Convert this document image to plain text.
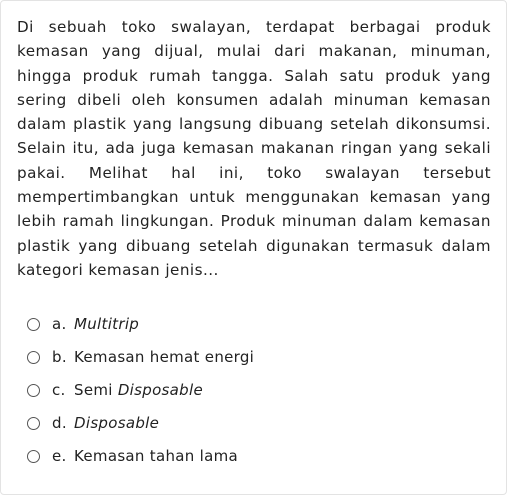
Di sebuah toko swalayan, terdapat berbagai produk kemasan yang dijual, mulai dari makanan, minuman, hingga produk rumah tangga. Salah satu produk yang sering dibeli oleh konsumen adalah minuman kemasan dalam plastik yang langsung dibuang setelah dikonsumsi. Selain itu, ada juga kemasan makanan ringan yang sekali pakai. Melihat hal ini, toko swalayan tersebut mempertimbangkan untuk menggunakan kemasan yang lebih ramah lingkungan. Produk minuman dalam kemasan plastik yang dibuang setelah digunakan termasuk dalam kategori kemasan jenis...

a. Multitrip
b. Kemasan hemat energi
c. Semi Disposable
d. Disposable
e. Kemasan tahan lama
